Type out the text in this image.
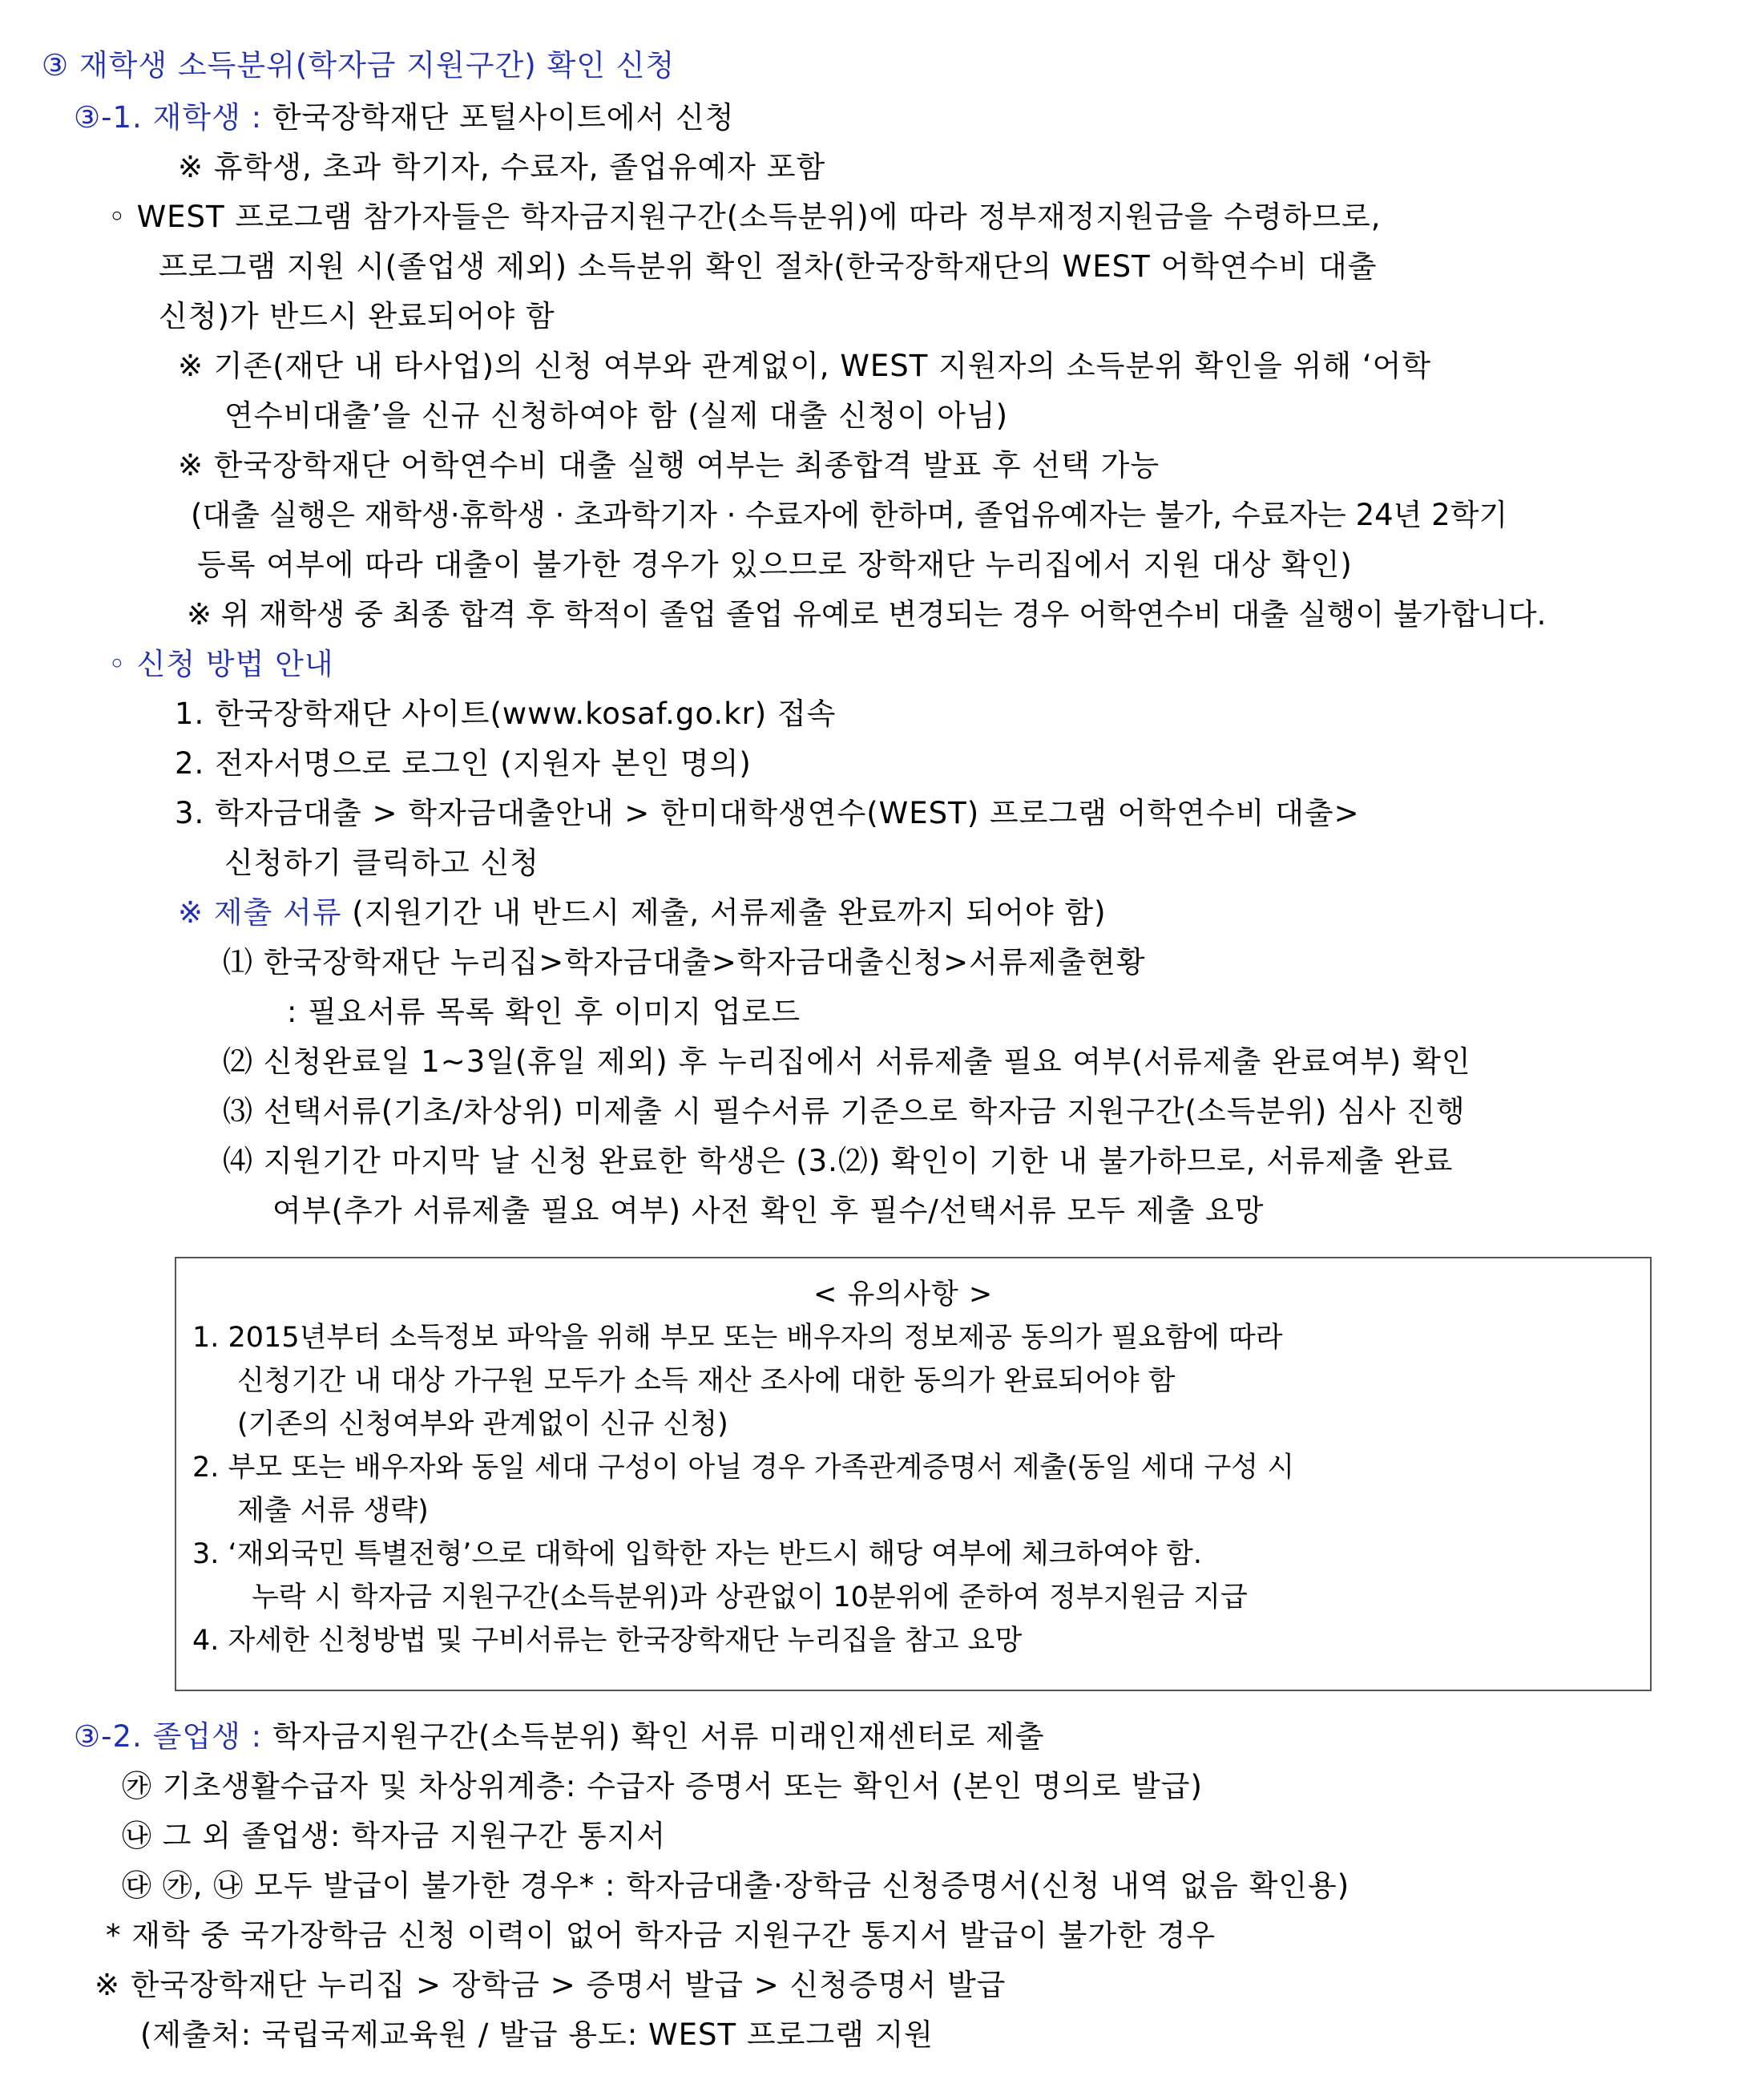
③ 재학생 소득분위(학자금 지원구간) 확인 신청
③-1. 재학생 : 한국장학재단 포털사이트에서 신청
※ 휴학생, 초과 학기자, 수료자, 졸업유예자 포함
◦ WEST 프로그램 참가자들은 학자금지원구간(소득분위)에 따라 정부재정지원금을 수령하므로,
프로그램 지원 시(졸업생 제외) 소득분위 확인 절차(한국장학재단의 WEST 어학연수비 대출
신청)가 반드시 완료되어야 함
※ 기존(재단 내 타사업)의 신청 여부와 관계없이, WEST 지원자의 소득분위 확인을 위해 ‘어학
연수비대출’을 신규 신청하여야 함 (실제 대출 신청이 아님)
※ 한국장학재단 어학연수비 대출 실행 여부는 최종합격 발표 후 선택 가능
(대출 실행은 재학생·휴학생 · 초과학기자 · 수료자에 한하며, 졸업유예자는 불가, 수료자는 24년 2학기
등록 여부에 따라 대출이 불가한 경우가 있으므로 장학재단 누리집에서 지원 대상 확인)
※ 위 재학생 중 최종 합격 후 학적이 졸업 졸업 유예로 변경되는 경우 어학연수비 대출 실행이 불가합니다.
◦ 신청 방법 안내
1. 한국장학재단 사이트(www.kosaf.go.kr) 접속
2. 전자서명으로 로그인 (지원자 본인 명의)
3. 학자금대출 > 학자금대출안내 > 한미대학생연수(WEST) 프로그램 어학연수비 대출>
신청하기 클릭하고 신청
※ 제출 서류 (지원기간 내 반드시 제출, 서류제출 완료까지 되어야 함)
⑴ 한국장학재단 누리집>학자금대출>학자금대출신청>서류제출현황
: 필요서류 목록 확인 후 이미지 업로드
⑵ 신청완료일 1~3일(휴일 제외) 후 누리집에서 서류제출 필요 여부(서류제출 완료여부) 확인
⑶ 선택서류(기초/차상위) 미제출 시 필수서류 기준으로 학자금 지원구간(소득분위) 심사 진행
⑷ 지원기간 마지막 날 신청 완료한 학생은 (3.⑵) 확인이 기한 내 불가하므로, 서류제출 완료
여부(추가 서류제출 필요 여부) 사전 확인 후 필수/선택서류 모두 제출 요망
< 유의사항 >
1. 2015년부터 소득정보 파악을 위해 부모 또는 배우자의 정보제공 동의가 필요함에 따라
신청기간 내 대상 가구원 모두가 소득 재산 조사에 대한 동의가 완료되어야 함
(기존의 신청여부와 관계없이 신규 신청)
2. 부모 또는 배우자와 동일 세대 구성이 아닐 경우 가족관계증명서 제출(동일 세대 구성 시
제출 서류 생략)
3. ‘재외국민 특별전형’으로 대학에 입학한 자는 반드시 해당 여부에 체크하여야 함.
누락 시 학자금 지원구간(소득분위)과 상관없이 10분위에 준하여 정부지원금 지급
4. 자세한 신청방법 및 구비서류는 한국장학재단 누리집을 참고 요망
③-2. 졸업생 : 학자금지원구간(소득분위) 확인 서류 미래인재센터로 제출
㉮ 기초생활수급자 및 차상위계층: 수급자 증명서 또는 확인서 (본인 명의로 발급)
㉯ 그 외 졸업생: 학자금 지원구간 통지서
㉰ ㉮, ㉯ 모두 발급이 불가한 경우* : 학자금대출·장학금 신청증명서(신청 내역 없음 확인용)
* 재학 중 국가장학금 신청 이력이 없어 학자금 지원구간 통지서 발급이 불가한 경우
※ 한국장학재단 누리집 > 장학금 > 증명서 발급 > 신청증명서 발급
(제출처: 국립국제교육원 / 발급 용도: WEST 프로그램 지원
